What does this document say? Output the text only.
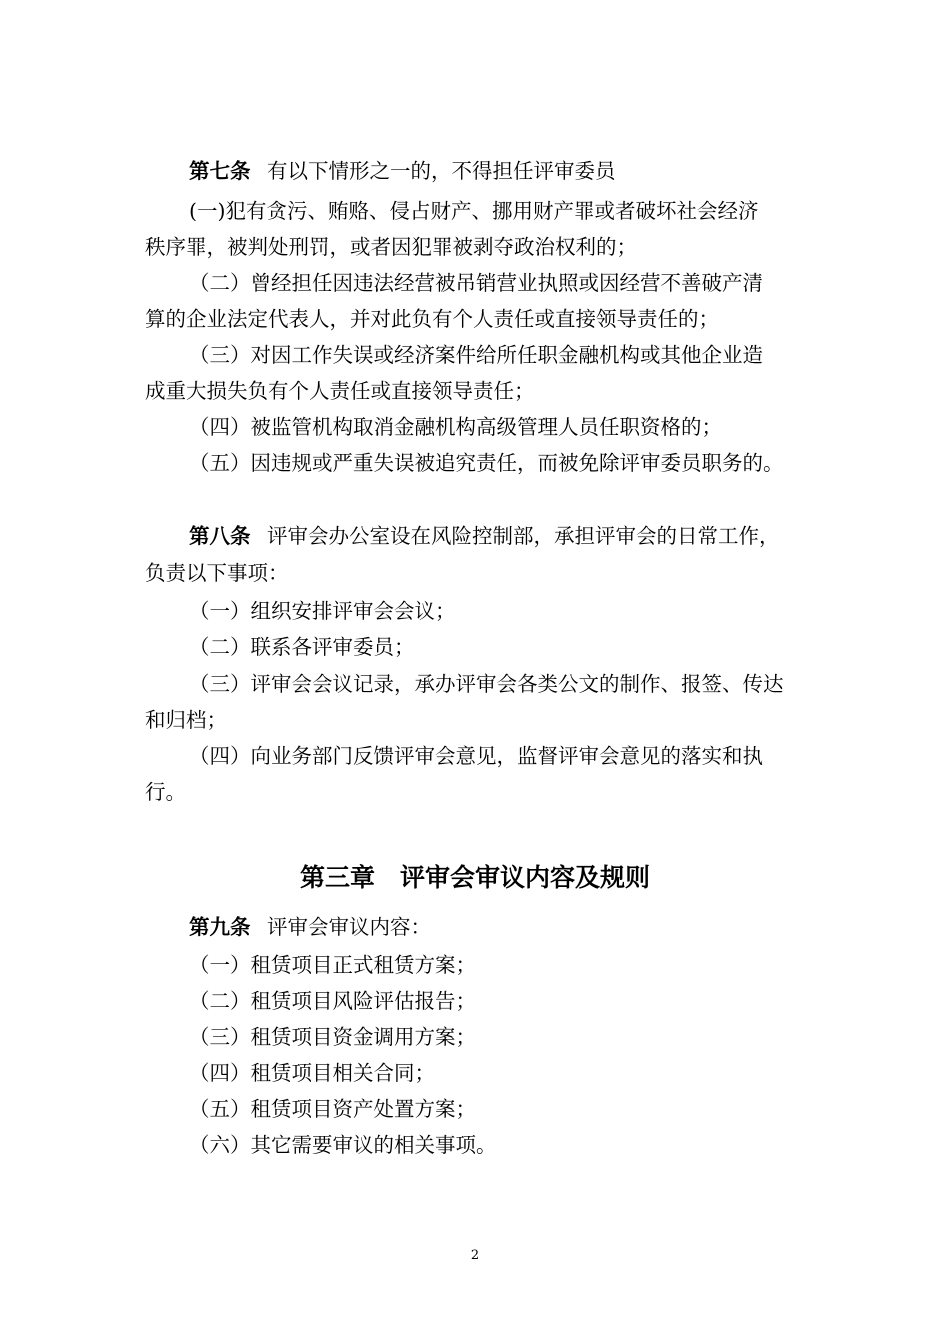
第七条 有以下情形之一的，不得担任评审委员
(一)犯有贪污、贿赂、侵占财产、挪用财产罪或者破坏社会经济
秩序罪，被判处刑罚，或者因犯罪被剥夺政治权利的；
（二）曾经担任因违法经营被吊销营业执照或因经营不善破产清
算的企业法定代表人，并对此负有个人责任或直接领导责任的；
（三）对因工作失误或经济案件给所任职金融机构或其他企业造
成重大损失负有个人责任或直接领导责任；
（四）被监管机构取消金融机构高级管理人员任职资格的；
（五）因违规或严重失误被追究责任，而被免除评审委员职务的。
第八条 评审会办公室设在风险控制部，承担评审会的日常工作，
负责以下事项：
（一）组织安排评审会会议；
（二）联系各评审委员；
（三）评审会会议记录，承办评审会各类公文的制作、报签、传达
和归档；
（四）向业务部门反馈评审会意见，监督评审会意见的落实和执
行。
第三章　评审会审议内容及规则
第九条 评审会审议内容：
（一）租赁项目正式租赁方案；
（二）租赁项目风险评估报告；
（三）租赁项目资金调用方案；
（四）租赁项目相关合同；
（五）租赁项目资产处置方案；
（六）其它需要审议的相关事项。
2
